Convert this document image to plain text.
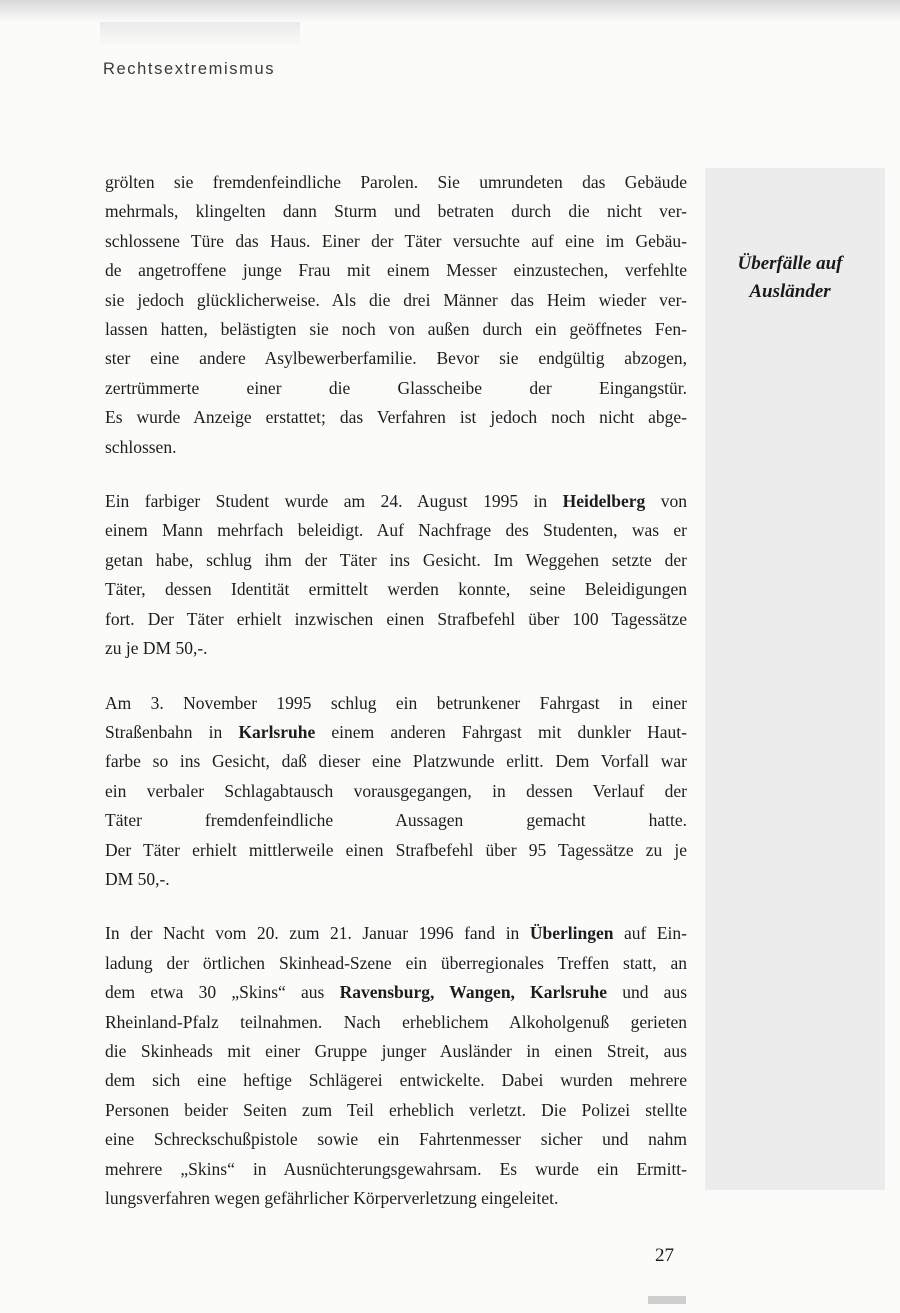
Rechtsextremismus
Überfälle auf
Ausländer

grölten sie fremdenfeindliche Parolen. Sie umrundeten das Gebäude
mehrmals, klingelten dann Sturm und betraten durch die nicht ver-
schlossene Türe das Haus. Einer der Täter versuchte auf eine im Gebäu-
de angetroffene junge Frau mit einem Messer einzustechen, verfehlte
sie jedoch glücklicherweise. Als die drei Männer das Heim wieder ver-
lassen hatten, belästigten sie noch von außen durch ein geöffnetes Fen-
ster eine andere Asylbewerberfamilie. Bevor sie endgültig abzogen,
zertrümmerte einer die Glasscheibe der Eingangstür.
Es wurde Anzeige erstattet; das Verfahren ist jedoch noch nicht abge-
schlossen.

Ein farbiger Student wurde am 24. August 1995 in Heidelberg von
einem Mann mehrfach beleidigt. Auf Nachfrage des Studenten, was er
getan habe, schlug ihm der Täter ins Gesicht. Im Weggehen setzte der
Täter, dessen Identität ermittelt werden konnte, seine Beleidigungen
fort. Der Täter erhielt inzwischen einen Strafbefehl über 100 Tagessätze
zu je DM 50,-.

Am 3. November 1995 schlug ein betrunkener Fahrgast in einer
Straßenbahn in Karlsruhe einem anderen Fahrgast mit dunkler Haut-
farbe so ins Gesicht, daß dieser eine Platzwunde erlitt. Dem Vorfall war
ein verbaler Schlagabtausch vorausgegangen, in dessen Verlauf der
Täter fremdenfeindliche Aussagen gemacht hatte.
Der Täter erhielt mittlerweile einen Strafbefehl über 95 Tagessätze zu je
DM 50,-.

In der Nacht vom 20. zum 21. Januar 1996 fand in Überlingen auf Ein-
ladung der örtlichen Skinhead-Szene ein überregionales Treffen statt, an
dem etwa 30 „Skins“ aus Ravensburg, Wangen, Karlsruhe und aus
Rheinland-Pfalz teilnahmen. Nach erheblichem Alkoholgenuß gerieten
die Skinheads mit einer Gruppe junger Ausländer in einen Streit, aus
dem sich eine heftige Schlägerei entwickelte. Dabei wurden mehrere
Personen beider Seiten zum Teil erheblich verletzt. Die Polizei stellte
eine Schreckschußpistole sowie ein Fahrtenmesser sicher und nahm
mehrere „Skins“ in Ausnüchterungsgewahrsam. Es wurde ein Ermitt-
lungsverfahren wegen gefährlicher Körperverletzung eingeleitet.

27
